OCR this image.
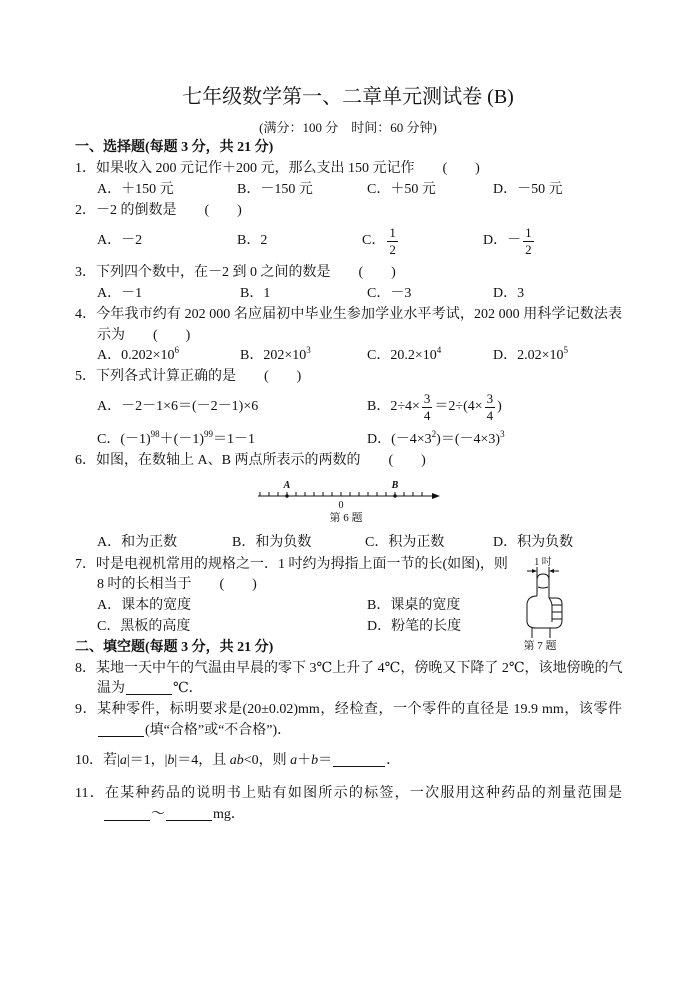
七年级数学第一、二章单元测试卷 (B)
(满分：100 分　时间：60 分钟)
一、选择题(每题 3 分，共 21 分)
1．如果收入 200 元记作＋200 元，那么支出 150 元记作　　(　　)
A．＋150 元	B．－150 元	C．＋50 元	D．－50 元
2．－2 的倒数是　　(　　)
A．－2	B．2	C． $\frac{1}{2}$	D．－ $\frac{1}{2}$
3．下列四个数中，在－2 到 0 之间的数是　　(　　)
A．－1	B．1	C．－3	D．3
4．今年我市约有 202 000 名应届初中毕业生参加学业水平考试，202 000 用科学记数法表
示为　　(　　)
A．$0.202\times 10^6$	B．$202\times 10^3$	C．$20.2\times 10^4$	D．$2.02\times 10^5$
5．下列各式计算正确的是　　(　　)
A．－2－1×6＝(－2－1)×6	B．$2\div 4\times \frac{3}{4} =2\div(4\times \frac{3}{4}$ )
C．$(-1)^{98}+(-1)^{99}=1-1$	D．$(-4\times 3^2)=(-4\times 3)^3$
6．如图，在数轴上 A、B 两点所表示的两数的　　(　　)
A	B
0
第 6 题
A．和为正数	B．和为负数	C．积为正数	D．积为负数
7．吋是电视机常用的规格之一．1 吋约为拇指上面一节的长(如图)，则
8 吋的长相当于　　(　　)
A．课本的宽度	B．课桌的宽度
C．黑板的高度	D．粉笔的长度
1 吋
第 7 题
二、填空题(每题 3 分，共 21 分)
8．某地一天中午的气温由早晨的零下 3℃上升了 4℃，傍晚又下降了 2℃，该地傍晚的气
温为	℃．
9．某种零件，标明要求是(20±0.02)mm，经检查，一个零件的直径是 19.9 mm，该零件
(填“合格”或“不合格”)．
10．若|a|＝1，|b|＝4，且 ab<0，则 a＋b＝	．
11．在某种药品的说明书上贴有如图所示的标签，一次服用这种药品的剂量范围是
～	mg．
